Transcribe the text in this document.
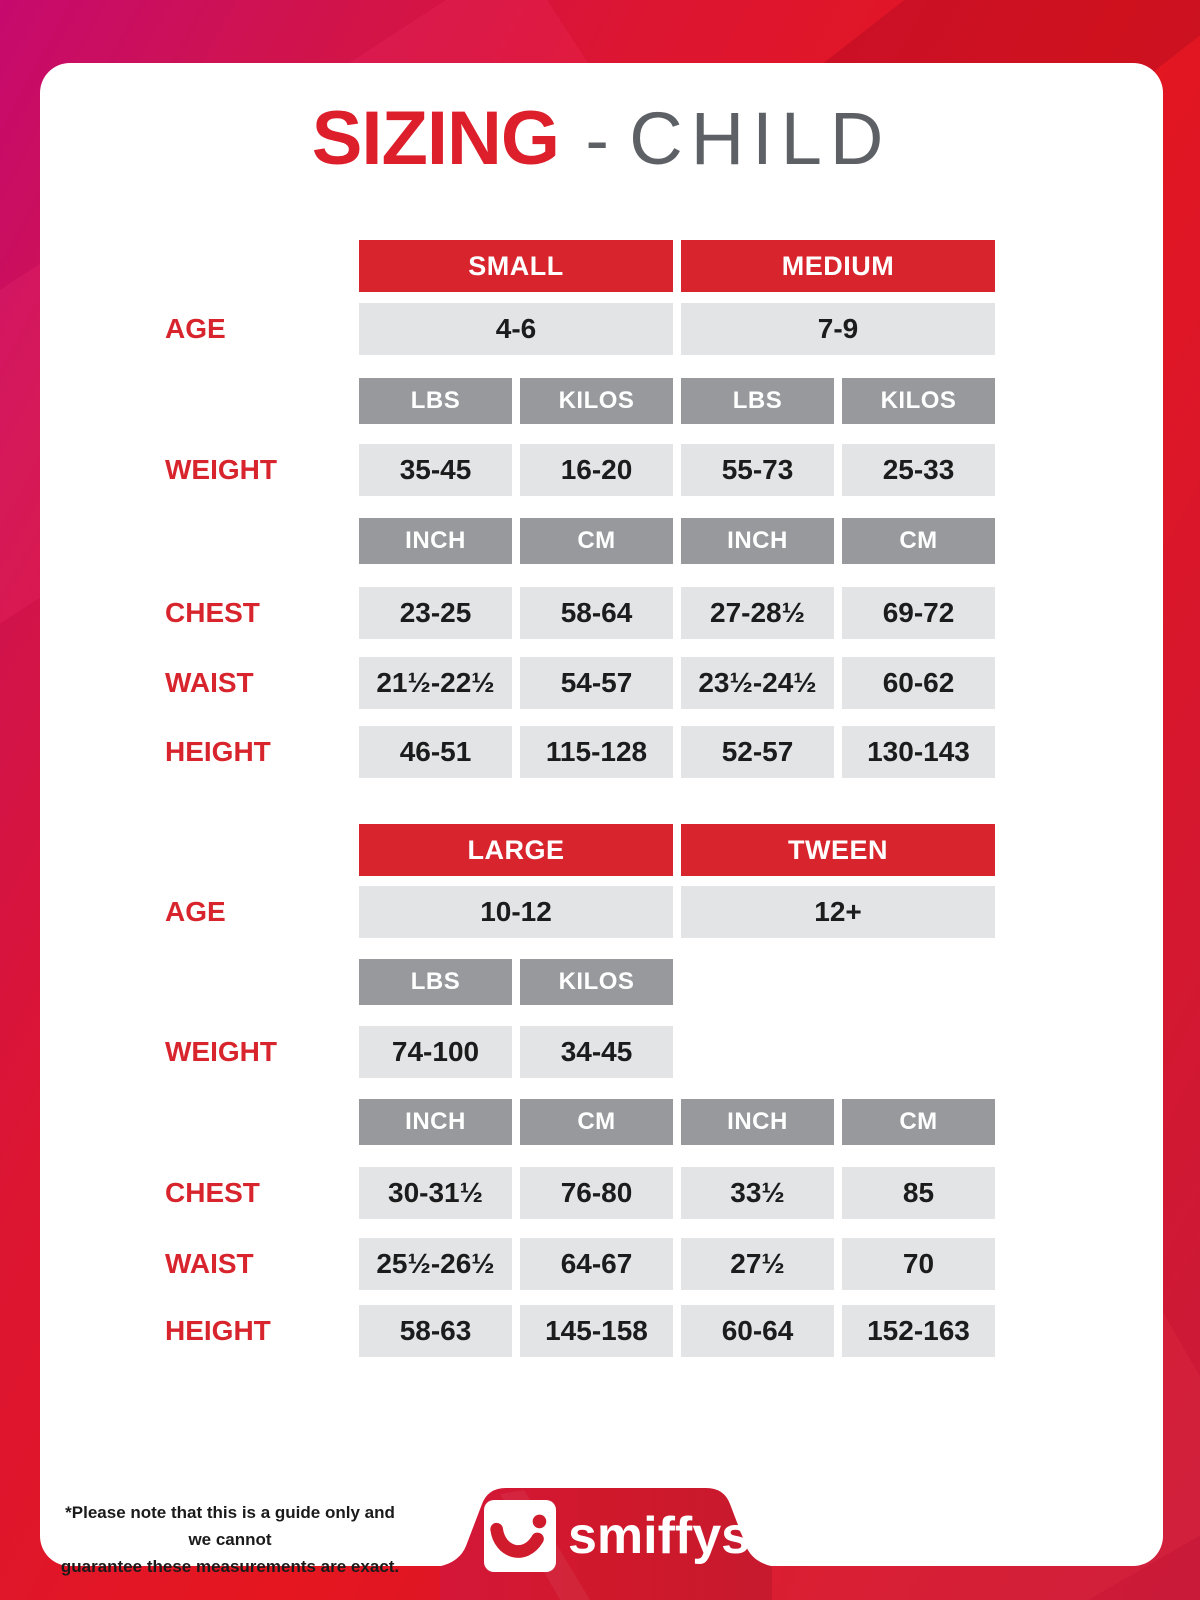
SIZING - CHILD
SMALL	MEDIUM
AGE	4-6	7-9
LBS	KILOS	LBS	KILOS
WEIGHT	35-45	16-20	55-73	25-33
INCH	CM	INCH	CM
CHEST	23-25	58-64	27-28½	69-72
WAIST	21½-22½	54-57	23½-24½	60-62
HEIGHT	46-51	115-128	52-57	130-143
LARGE	TWEEN
AGE	10-12	12+
LBS	KILOS
WEIGHT	74-100	34-45
INCH	CM	INCH	CM
CHEST	30-31½	76-80	33½	85
WAIST	25½-26½	64-67	27½	70
HEIGHT	58-63	145-158	60-64	152-163
*Please note that this is a guide only and we cannot
guarantee these measurements are exact.
smiffys ™
